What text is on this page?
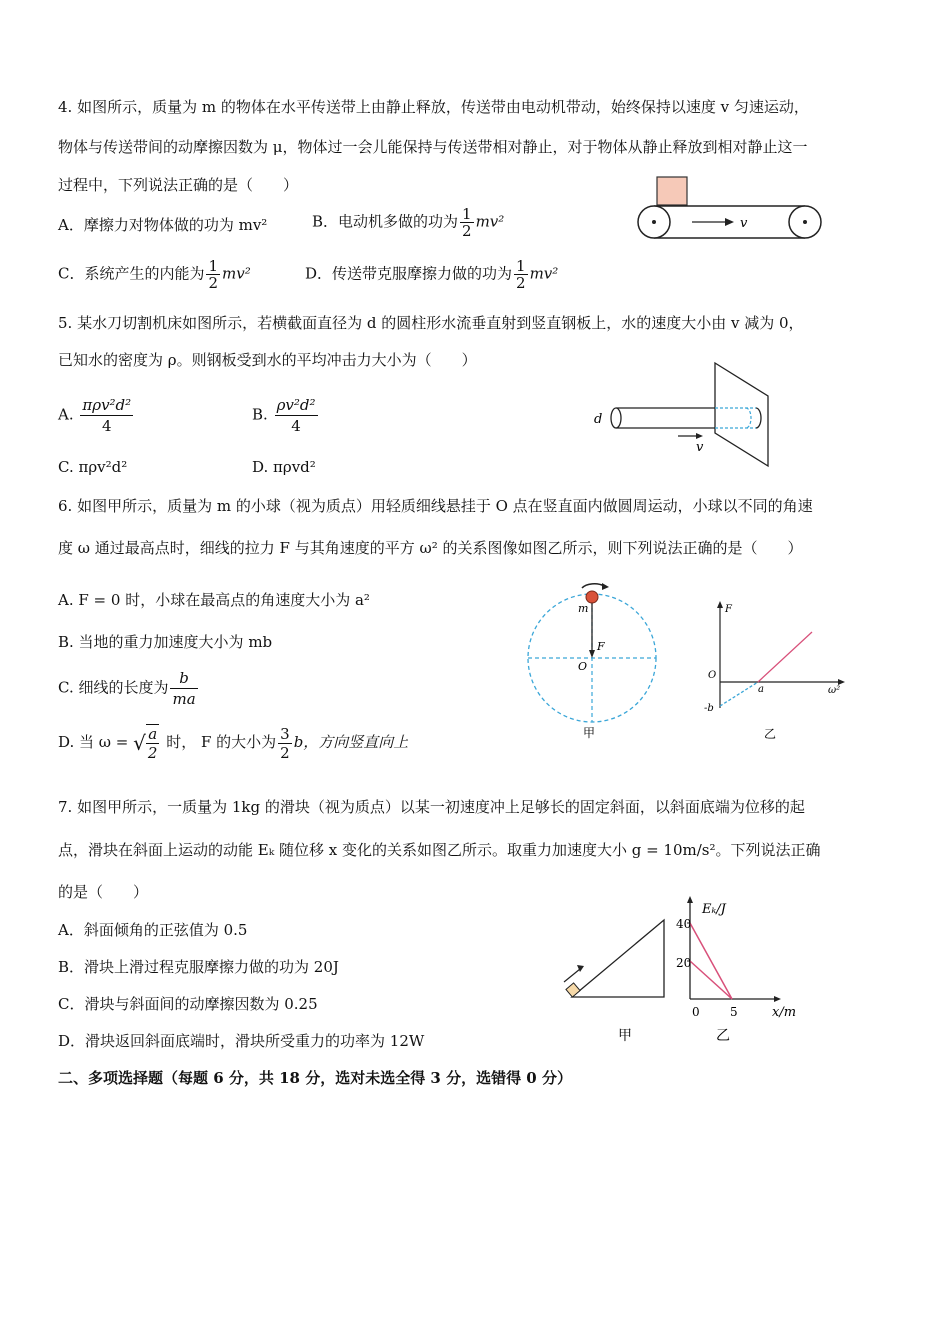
4. 如图所示，质量为 m 的物体在水平传送带上由静止释放，传送带由电动机带动，始终保持以速度 v 匀速运动，
物体与传送带间的动摩擦因数为 μ，物体过一会儿能保持与传送带相对静止，对于物体从静止释放到相对静止这一
过程中，下列说法正确的是（　　）
A．摩擦力对物体做的功为 mv²	B．电动机多做的功为 $\frac{1}{2} mv^2$
C．系统产生的内能为 $\frac{1}{2} mv^2$	D．传送带克服摩擦力做的功为 $\frac{1}{2} mv^2$
v
5. 某水刀切割机床如图所示，若横截面直径为 d 的圆柱形水流垂直射到竖直钢板上，水的速度大小由 v 减为 0，
已知水的密度为 ρ。则钢板受到水的平均冲击力大小为（　　）
A. $\frac{\text{πρv²d²}}{4}$	B. $\frac{\text{ρv²d²}}{4}$
C. πρv²d²	D. πρvd²
d
v
6. 如图甲所示，质量为 m 的小球（视为质点）用轻质细线悬挂于 O 点在竖直面内做圆周运动，小球以不同的角速
度 ω 通过最高点时，细线的拉力 F 与其角速度的平方 ω² 的关系图像如图乙所示，则下列说法正确的是（　　）
A. F = 0 时，小球在最高点的角速度大小为 a²
B. 当地的重力加速度大小为 mb
C. 细线的长度为 $\frac{b}{ma}$
D. 当 ω = √ $\frac{a}{2}$ 时， F 的大小为 $\frac{3}{2}$ b，方向竖直向上
m
F
O
甲
F
O
a
-b
ω²
乙
7. 如图甲所示，一质量为 1kg 的滑块（视为质点）以某一初速度冲上足够长的固定斜面，以斜面底端为位移的起
点，滑块在斜面上运动的动能 Eₖ 随位移 x 变化的关系如图乙所示。取重力加速度大小 g = 10m/s²。下列说法正确
的是（　　）
A．斜面倾角的正弦值为 0.5
B．滑块上滑过程克服摩擦力做的功为 20J
C．滑块与斜面间的动摩擦因数为 0.25
D．滑块返回斜面底端时，滑块所受重力的功率为 12W	甲
Eₖ/J
40
20
0	5	x/m
乙
二、多项选择题（每题 6 分，共 18 分，选对未选全得 3 分，选错得 0 分）
